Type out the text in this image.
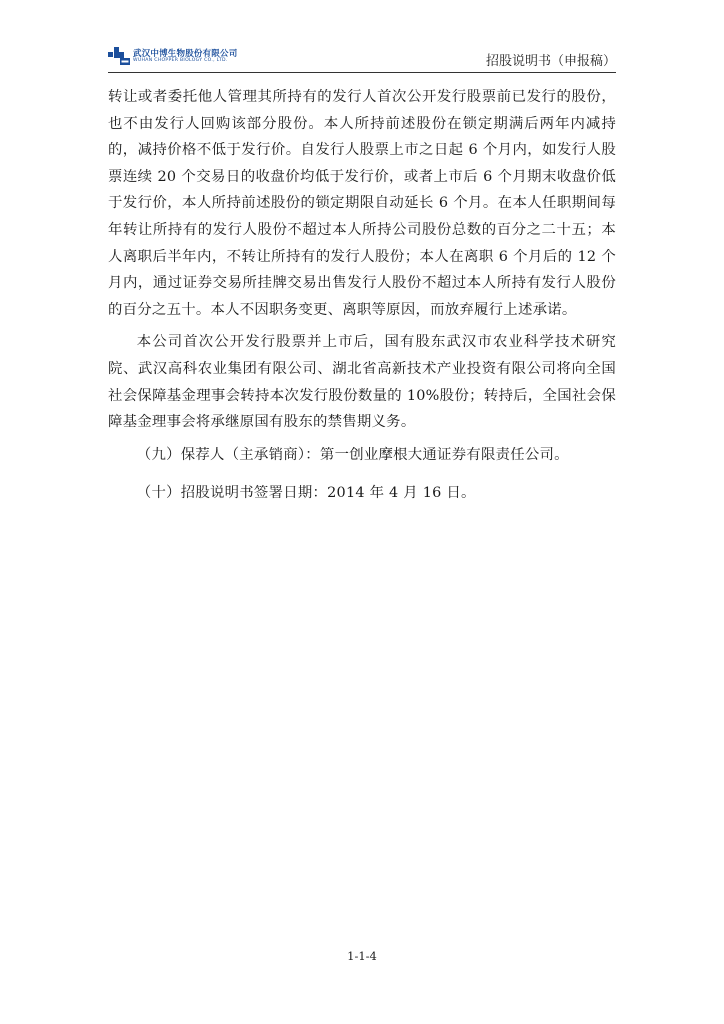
武汉中博生物股份有限公司
WUHAN CHOPPER BIOLOGY CO., LTD.	招股说明书（申报稿）

转让或者委托他人管理其所持有的发行人首次公开发行股票前已发行的股份，也不由发行人回购该部分股份。本人所持前述股份在锁定期满后两年内减持的，减持价格不低于发行价。自发行人股票上市之日起 6 个月内，如发行人股票连续 20 个交易日的收盘价均低于发行价，或者上市后 6 个月期末收盘价低于发行价，本人所持前述股份的锁定期限自动延长 6 个月。在本人任职期间每年转让所持有的发行人股份不超过本人所持公司股份总数的百分之二十五；本人离职后半年内，不转让所持有的发行人股份；本人在离职 6 个月后的 12 个月内，通过证券交易所挂牌交易出售发行人股份不超过本人所持有发行人股份的百分之五十。本人不因职务变更、离职等原因，而放弃履行上述承诺。

本公司首次公开发行股票并上市后，国有股东武汉市农业科学技术研究院、武汉高科农业集团有限公司、湖北省高新技术产业投资有限公司将向全国社会保障基金理事会转持本次发行股份数量的 10%股份；转持后，全国社会保障基金理事会将承继原国有股东的禁售期义务。

（九）保荐人（主承销商）：第一创业摩根大通证券有限责任公司。

（十）招股说明书签署日期：2014 年 4 月 16 日。

1-1-4
